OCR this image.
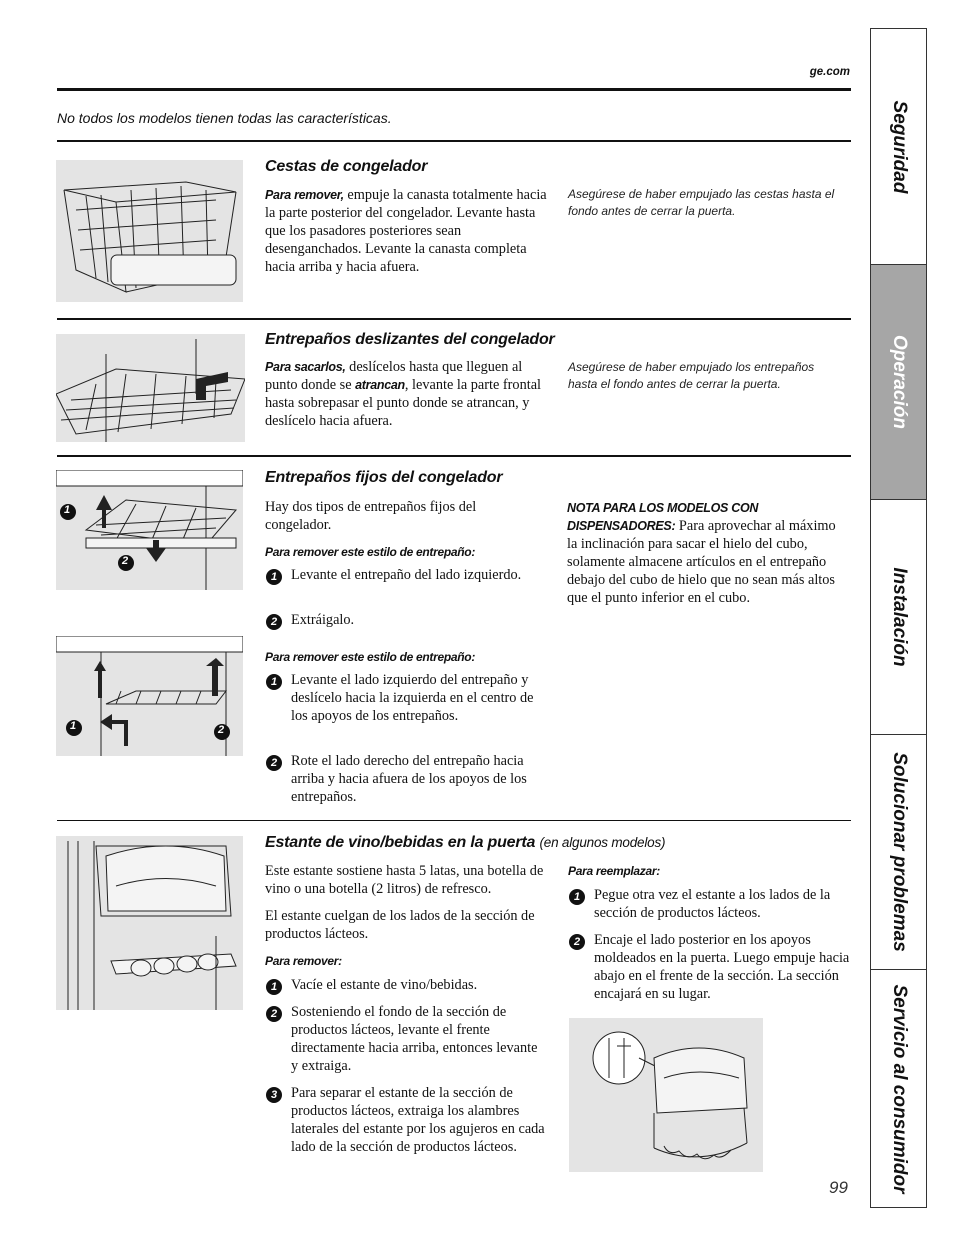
ge.com
No todos los modelos tienen todas las características.
Cestas de congelador
Para remover, empuje la canasta totalmente hacia la parte posterior del congelador. Levante hasta que los pasadores posteriores sean desenganchados. Levante la canasta completa hacia arriba y hacia afuera.
Asegúrese de haber empujado las cestas hasta el fondo antes de cerrar la puerta.
Entrepaños deslizantes del congelador
Para sacarlos, deslícelos hasta que lleguen al punto donde se atrancan, levante la parte frontal hasta sobrepasar el punto donde se atrancan, y deslícelo hacia afuera.
Asegúrese de haber empujado los entrepaños hasta el fondo antes de cerrar la puerta.
1
2
1	2
Entrepaños fijos del congelador
Hay dos tipos de entrepaños fijos del congelador.
Para remover este estilo de entrepaño:
1 Levante el entrepaño del lado izquierdo.
2 Extráigalo.
Para remover este estilo de entrepaño:
1 Levante el lado izquierdo del entrepaño y deslícelo hacia la izquierda en el centro de los apoyos de los entrepaños.
2 Rote el lado derecho del entrepaño hacia arriba y hacia afuera de los apoyos de los entrepaños.
NOTA PARA LOS MODELOS CON DISPENSADORES: Para aprovechar al máximo la inclinación para sacar el hielo del cubo, solamente almacene artículos en el entrepaño debajo del cubo de hielo que no sean más altos que el punto inferior en el cubo.
Estante de vino/bebidas en la puerta (en algunos modelos)
Este estante sostiene hasta 5 latas, una botella de vino o una botella (2 litros) de refresco.
El estante cuelgan de los lados de la sección de productos lácteos.
Para remover:
1 Vacíe el estante de vino/bebidas.
2 Sosteniendo el fondo de la sección de productos lácteos, levante el frente directamente hacia arriba, entonces levante y extraiga.
3 Para separar el estante de la sección de productos lácteos, extraiga los alambres laterales del estante por los agujeros en cada lado de la sección de productos lácteos.
Para reemplazar:
1 Pegue otra vez el estante a los lados de la sección de productos lácteos.
2 Encaje el lado posterior en los apoyos moldeados en la puerta. Luego empuje hacia abajo en el frente de la sección. La sección encajará en su lugar.
Seguridad
Operación
Instalación
Solucionar problemas
Servicio al consumidor
99
